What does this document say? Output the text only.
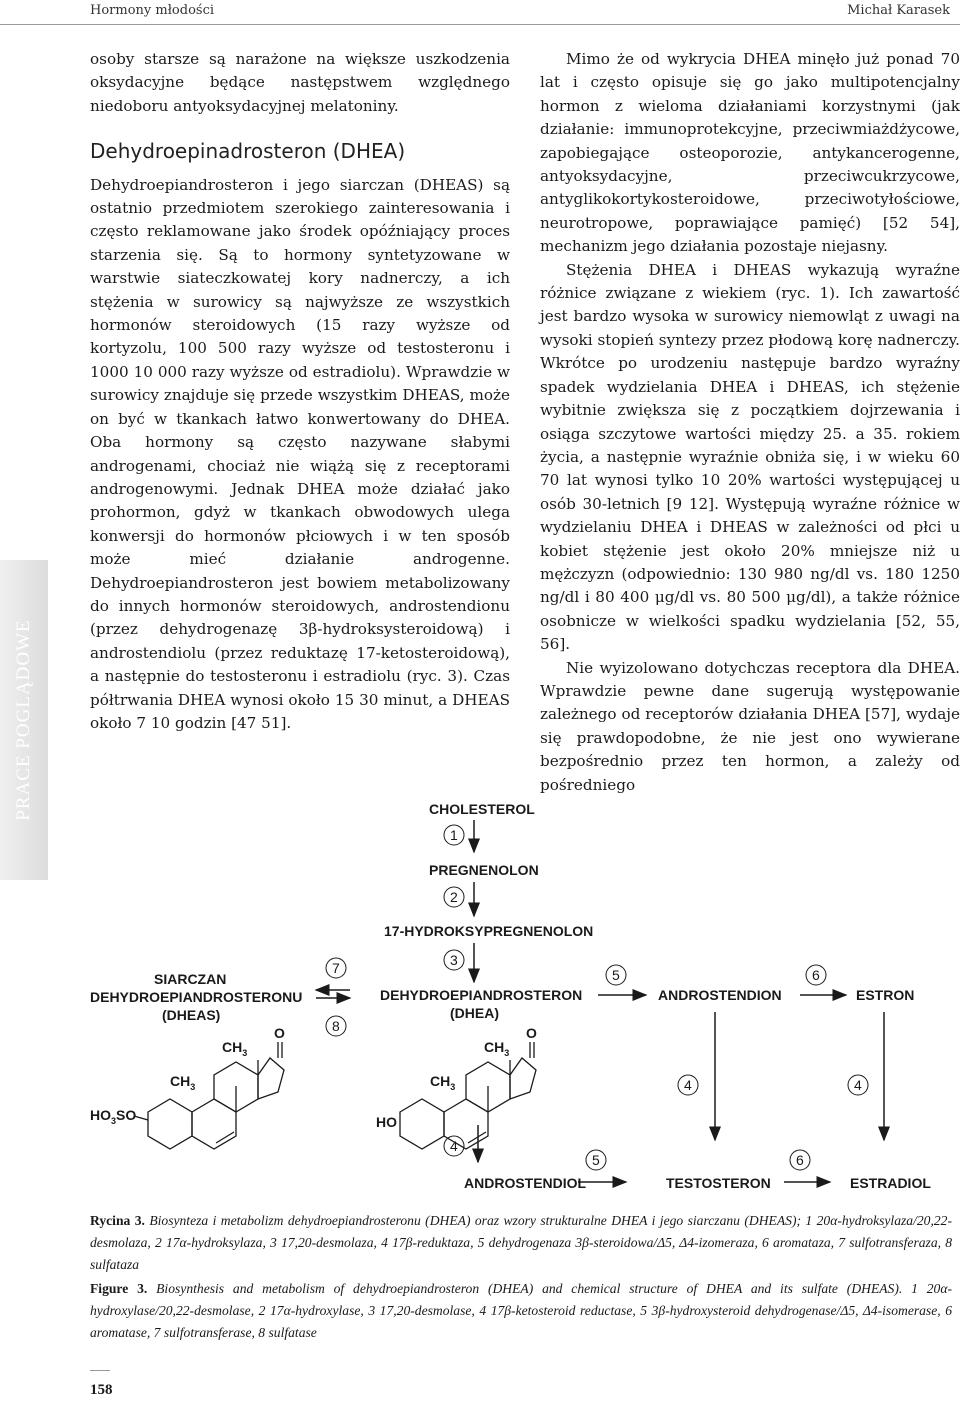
Hormony młodości	Michał Karasek
PRACE POGLĄDOWE

osoby starsze są narażone na większe uszkodzenia oksydacyjne będące następstwem względnego niedoboru antyoksydacyjnej melatoniny.

Dehydroepinadrosteron (DHEA)

Dehydroepiandrosteron i jego siarczan (DHEAS) są ostatnio przedmiotem szerokiego zainteresowania i często reklamowane jako środek opóźniający proces starzenia się. Są to hormony syntetyzowane w warstwie siateczkowatej kory nadnerczy, a ich stężenia w surowicy są najwyższe ze wszystkich hormonów steroidowych (15 razy wyższe od kortyzolu, 100 500 razy wyższe od testosteronu i 1000 10 000 razy wyższe od estradiolu). Wprawdzie w surowicy znajduje się przede wszystkim DHEAS, może on być w tkankach łatwo konwertowany do DHEA. Oba hormony są często nazywane słabymi androgenami, chociaż nie wiążą się z receptorami androgenowymi. Jednak DHEA może działać jako prohormon, gdyż w tkankach obwodowych ulega konwersji do hormonów płciowych i w ten sposób może mieć działanie androgenne. Dehydroepiandrosteron jest bowiem metabolizowany do innych hormonów steroidowych, androstendionu (przez dehydrogenazę 3β-hydroksysteroidową) i androstendiolu (przez reduktazę 17-ketosteroidową), a następnie do testosteronu i estradiolu (ryc. 3). Czas półtrwania DHEA wynosi około 15 30 minut, a DHEAS około 7 10 godzin [47 51].

Mimo że od wykrycia DHEA minęło już ponad 70 lat i często opisuje się go jako multipotencjalny hormon z wieloma działaniami korzystnymi (jak działanie: immunoprotekcyjne, przeciwmiażdżycowe, zapobiegające osteoporozie, antykancerogenne, antyoksydacyjne, przeciwcukrzycowe, antyglikokortykosteroidowe, przeciwotyłościowe, neurotropowe, poprawiające pamięć) [52 54], mechanizm jego działania pozostaje niejasny.

Stężenia DHEA i DHEAS wykazują wyraźne różnice związane z wiekiem (ryc. 1). Ich zawartość jest bardzo wysoka w surowicy niemowląt z uwagi na wysoki stopień syntezy przez płodową korę nadnerczy. Wkrótce po urodzeniu następuje bardzo wyraźny spadek wydzielania DHEA i DHEAS, ich stężenie wybitnie zwiększa się z początkiem dojrzewania i osiąga szczytowe wartości między 25. a 35. rokiem życia, a następnie wyraźnie obniża się, i w wieku 60 70 lat wynosi tylko 10 20% wartości występującej u osób 30-letnich [9 12]. Występują wyraźne różnice w wydzielaniu DHEA i DHEAS w zależności od płci u kobiet stężenie jest około 20% mniejsze niż u mężczyzn (odpowiednio: 130 980 ng/dl vs. 180 1250 ng/dl i 80 400 μg/dl vs. 80 500 μg/dl), a także różnice osobnicze w wielkości spadku wydzielania [52, 55, 56].

Nie wyizolowano dotychczas receptora dla DHEA. Wprawdzie pewne dane sugerują występowanie zależnego od receptorów działania DHEA [57], wydaje się prawdopodobne, że nie jest ono wywierane bezpośrednio przez ten hormon, a zależy od pośredniego

CHOLESTEROL
1
PREGNENOLON
2
17-HYDROKSYPREGNENOLON
3
SIARCZAN
DEHYDROEPIANDROSTERONU
(DHEAS)
7
8
DEHYDROEPIANDROSTERON
(DHEA)
5
ANDROSTENDION
6
ESTRON
4	4
4
ANDROSTENDIOL
5
TESTOSTERON
6
ESTRADIOL
$CH_3$
O
$CH_3$
$HO_3SO$
$CH_3$
O
$CH_3$
HO
Rycina 3. Biosynteza i metabolizm dehydroepiandrosteronu (DHEA) oraz wzory strukturalne DHEA i jego siarczanu (DHEAS); 1 20α-hydroksylaza/20,22-desmolaza, 2 17α-hydroksylaza, 3 17,20-desmolaza, 4 17β-reduktaza, 5 dehydrogenaza 3β-steroidowa/Δ5, Δ4-izomeraza, 6 aromataza, 7 sulfotransferaza, 8 sulfataza
Figure 3. Biosynthesis and metabolism of dehydroepiandrosteron (DHEA) and chemical structure of DHEA and its sulfate (DHEAS). 1 20α-hydroxylase/20,22-desmolase, 2 17α-hydroxylase, 3 17,20-desmolase, 4 17β-ketosteroid reductase, 5 3β-hydroxysteroid dehydrogenase/Δ5, Δ4-isomerase, 6 aromatase, 7 sulfotransferase, 8 sulfatase
158
